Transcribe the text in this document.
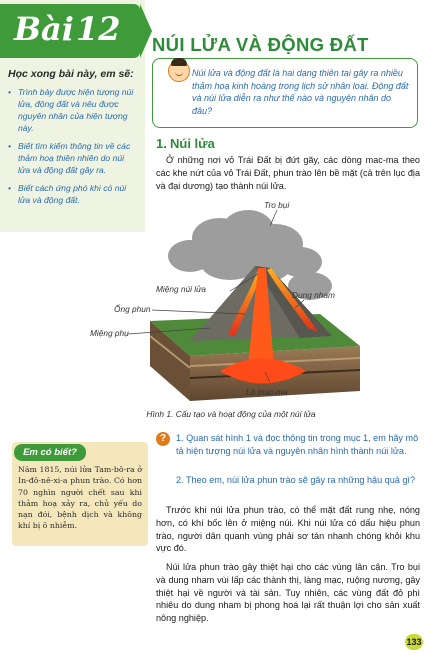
Bài 12 NÚI LỬA VÀ ĐỘNG ĐẤT
Học xong bài này, em sẽ:
• Trình bày được hiện tượng núi lửa, động đất và nêu được nguyên nhân của hiện tượng này.
• Biết tìm kiếm thông tin về các thảm hoạ thiên nhiên do núi lửa và động đất gây ra.
• Biết cách ứng phó khi có núi lửa và động đất.
Núi lửa và động đất là hai dạng thiên tai gây ra nhiều thảm hoạ kinh hoàng trong lịch sử nhân loại. Động đất và núi lửa diễn ra như thế nào và nguyên nhân do đâu?
1. Núi lửa
Ở những nơi vỏ Trái Đất bị đứt gãy, các dòng mac-ma theo các khe nứt của vỏ Trái Đất, phun trào lên bề mặt (cả trên lục địa và đại dương) tạo thành núi lửa.
Tro bụi
Miệng núi lửa
Ống phun
Miệng phụ
Dung nham
Lò mac-ma
Hình 1. Cấu tạo và hoạt động của một núi lửa
Em có biết?
Năm 1815, núi lửa Tam-bô-ra ở In-đô-nê-xi-a phun trào. Có hơn 70 nghìn người chết sau khi thảm hoạ xảy ra, chủ yếu do nạn đói, bệnh dịch và không khí bị ô nhiễm.
?	1. Quan sát hình 1 và đọc thông tin trong mục 1, em hãy mô tả hiện tượng núi lửa và nguyên nhân hình thành núi lửa.
2. Theo em, núi lửa phun trào sẽ gây ra những hậu quả gì?
Trước khi núi lửa phun trào, có thể mặt đất rung nhẹ, nóng hơn, có khí bốc lên ở miệng núi. Khi núi lửa có dấu hiệu phun trào, người dân quanh vùng phải sơ tán nhanh chóng khỏi khu vực đó.
Núi lửa phun trào gây thiệt hại cho các vùng lân cận. Tro bụi và dung nham vùi lấp các thành thị, làng mạc, ruộng nương, gây thiệt hại về người và tài sản. Tuy nhiên, các vùng đất đỏ phì nhiêu do dung nham bị phong hoá lại rất thuận lợi cho sản xuất nông nghiệp.
133
